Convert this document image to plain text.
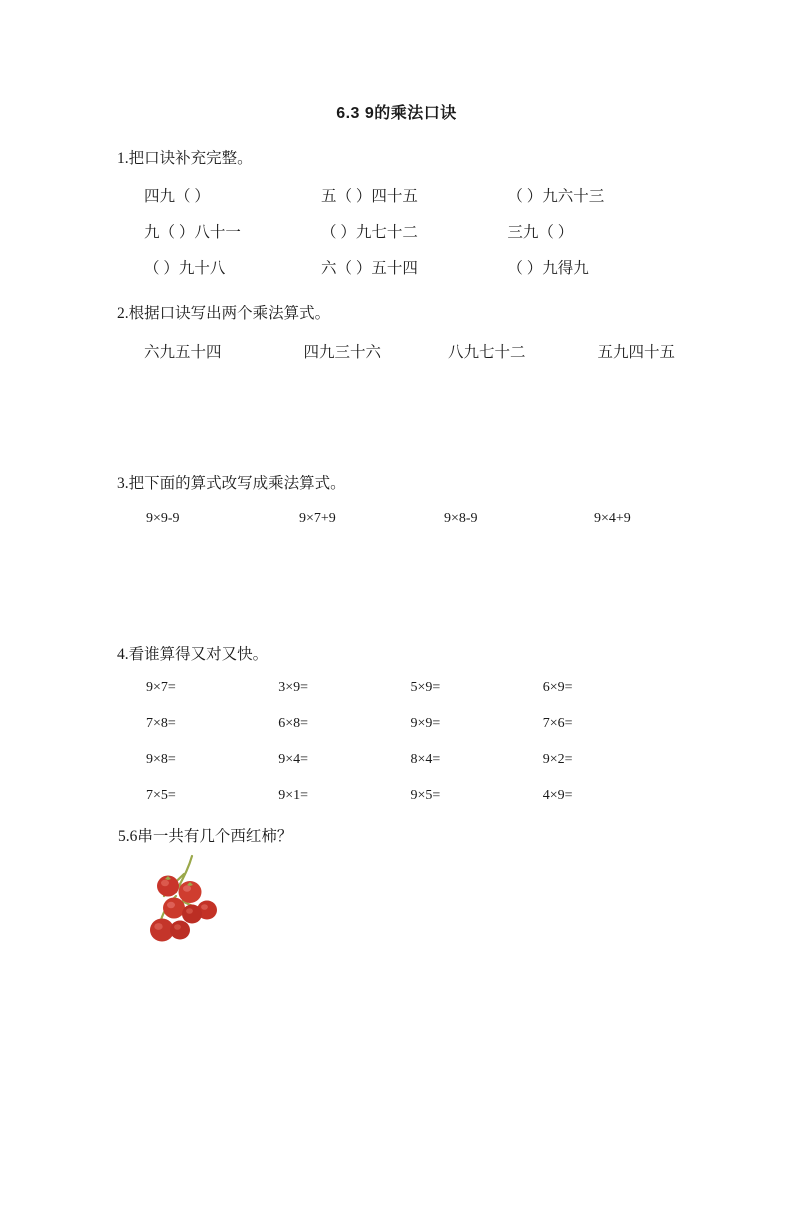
6.3 9的乘法口诀
1.把口诀补充完整。
四九（ ）	五（ ）四十五	（ ）九六十三
九（ ）八十一	（ ）九七十二	三九（ ）
（ ）九十八	六（ ）五十四	（ ）九得九
2.根据口诀写出两个乘法算式。
六九五十四	四九三十六	八九七十二	五九四十五
3.把下面的算式改写成乘法算式。
9×9-9	9×7+9	9×8-9	9×4+9
4.看谁算得又对又快。
9×7=	3×9=	5×9=	6×9=
7×8=	6×8=	9×9=	7×6=
9×8=	9×4=	8×4=	9×2=
7×5=	9×1=	9×5=	4×9=
5.6串一共有几个西红柿？
